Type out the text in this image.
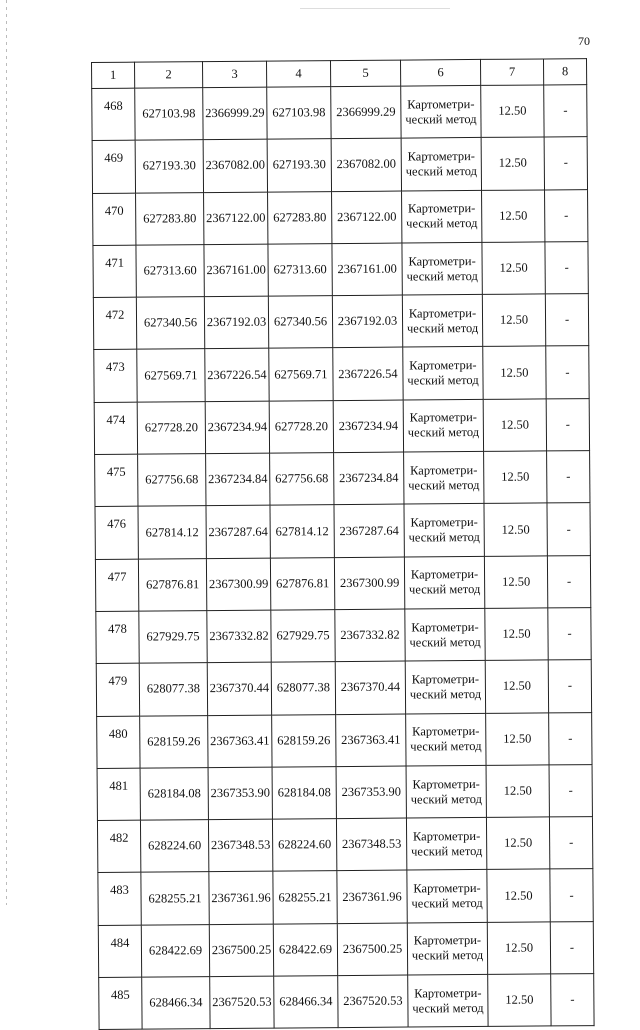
70
1	2	3	4	5	6	7	8
468	627103.98	2366999.29	627103.98	2366999.29	Картометри-ческий метод	12.50	-
469	627193.30	2367082.00	627193.30	2367082.00	Картометри-ческий метод	12.50	-
470	627283.80	2367122.00	627283.80	2367122.00	Картометри-ческий метод	12.50	-
471	627313.60	2367161.00	627313.60	2367161.00	Картометри-ческий метод	12.50	-
472	627340.56	2367192.03	627340.56	2367192.03	Картометри-ческий метод	12.50	-
473	627569.71	2367226.54	627569.71	2367226.54	Картометри-ческий метод	12.50	-
474	627728.20	2367234.94	627728.20	2367234.94	Картометри-ческий метод	12.50	-
475	627756.68	2367234.84	627756.68	2367234.84	Картометри-ческий метод	12.50	-
476	627814.12	2367287.64	627814.12	2367287.64	Картометри-ческий метод	12.50	-
477	627876.81	2367300.99	627876.81	2367300.99	Картометри-ческий метод	12.50	-
478	627929.75	2367332.82	627929.75	2367332.82	Картометри-ческий метод	12.50	-
479	628077.38	2367370.44	628077.38	2367370.44	Картометри-ческий метод	12.50	-
480	628159.26	2367363.41	628159.26	2367363.41	Картометри-ческий метод	12.50	-
481	628184.08	2367353.90	628184.08	2367353.90	Картометри-ческий метод	12.50	-
482	628224.60	2367348.53	628224.60	2367348.53	Картометри-ческий метод	12.50	-
483	628255.21	2367361.96	628255.21	2367361.96	Картометри-ческий метод	12.50	-
484	628422.69	2367500.25	628422.69	2367500.25	Картометри-ческий метод	12.50	-
485	628466.34	2367520.53	628466.34	2367520.53	Картометри-ческий метод	12.50	-
